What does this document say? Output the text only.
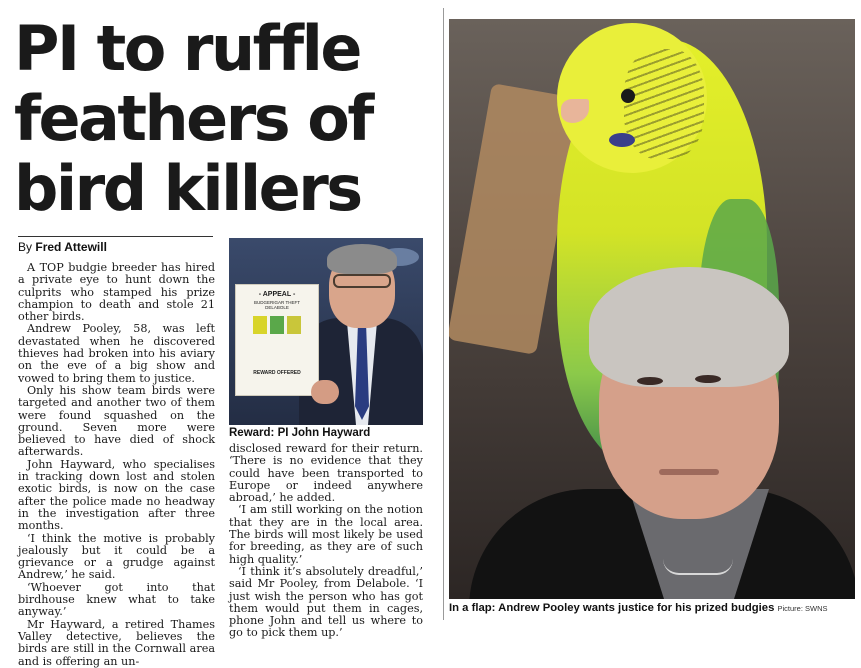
PI to ruffle
feathers of
bird killers
By Fred Attewill

A TOP budgie breeder has hired a private eye to hunt down the culprits who stamped his prize champion to death and stole 21 other birds.

Andrew Pooley, 58, was left devastated when he discovered thieves had broken into his aviary on the eve of a big show and vowed to bring them to justice.

Only his show team birds were targeted and another two of them were found squashed on the ground. Seven more were believed to have died of shock afterwards.

John Hayward, who specialises in tracking down lost and stolen exotic birds, is now on the case after the police made no headway in the investigation after three months.

‘I think the motive is probably jealously but it could be a grievance or a grudge against Andrew,’ he said.

‘Whoever got into that birdhouse knew what to take anyway.’

Mr Hayward, a retired Thames Valley detective, believes the birds are still in the Cornwall area and is offering an un-

- APPEAL -
BUDGERIGAR THEFT DELABOLE
REWARD OFFERED
Reward: PI John Hayward

disclosed reward for their return. ‘There is no evidence that they could have been transported to Europe or indeed anywhere abroad,’ he added.

‘I am still working on the notion that they are in the local area. The birds will most likely be used for breeding, as they are of such high quality.’

‘I think it’s absolutely dreadful,’ said Mr Pooley, from Delabole. ‘I just wish the person who has got them would put them in cages, phone John and tell us where to go to pick them up.’

In a flap: Andrew Pooley wants justice for his prized budgies Picture: SWNS
